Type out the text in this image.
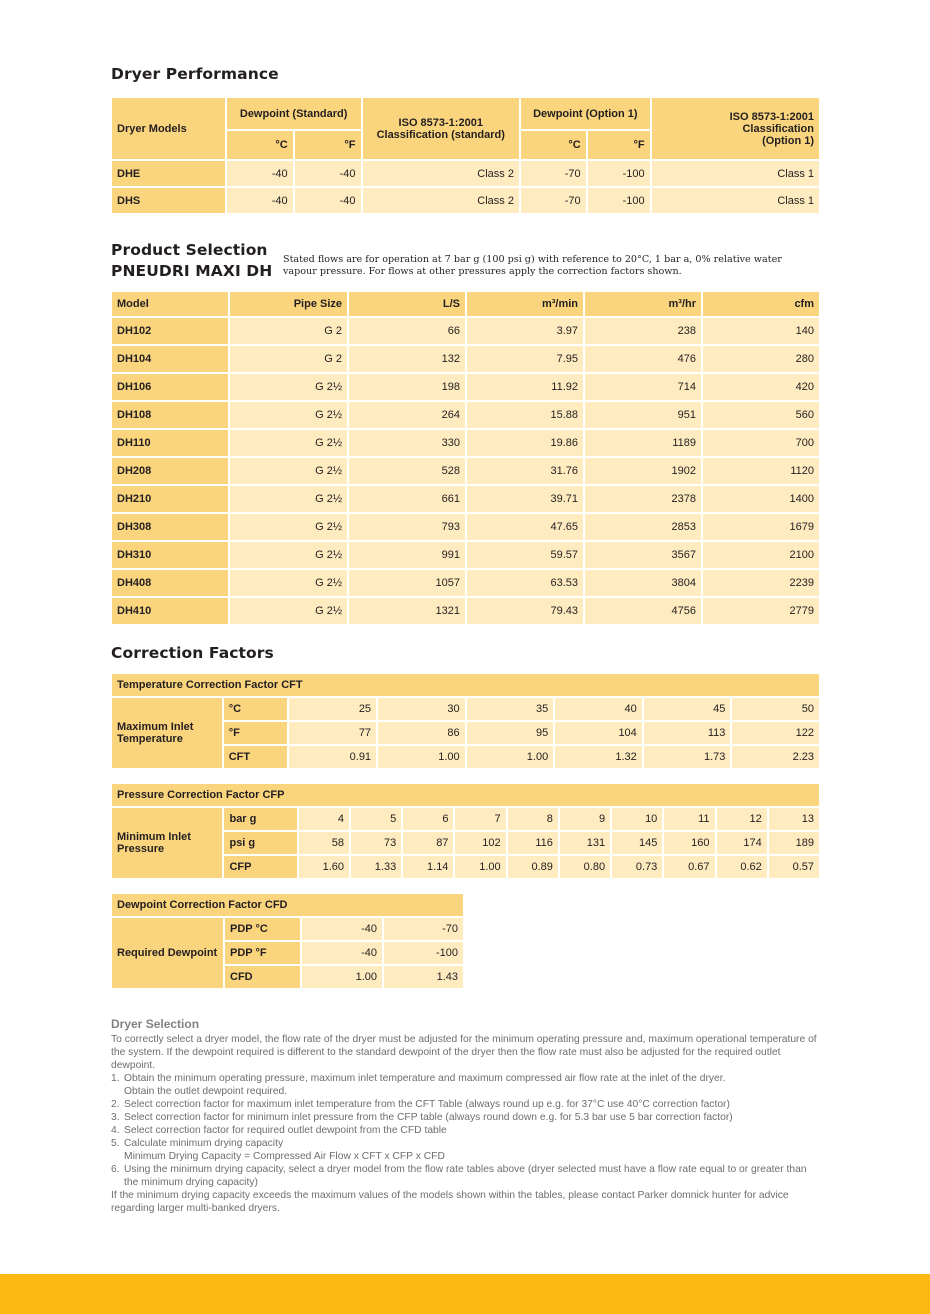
Dryer Performance
Dryer Models	Dewpoint (Standard)		ISO 8573-1:2001 Classification (standard)	Dewpoint (Option 1)		ISO 8573-1:2001 Classification (Option 1)
	°C	°F		°C	°F	
DHE	-40	-40	Class 2	-70	-100	Class 1
DHS	-40	-40	Class 2	-70	-100	Class 1
Product Selection
PNEUDRI MAXI DH
Stated flows are for operation at 7 bar g (100 psi g) with reference to 20°C, 1 bar a, 0% relative water vapour pressure. For flows at other pressures apply the correction factors shown.
Model	Pipe Size	L/S	m³/min	m³/hr	cfm
DH102	G 2	66	3.97	238	140
DH104	G 2	132	7.95	476	280
DH106	G 2½	198	11.92	714	420
DH108	G 2½	264	15.88	951	560
DH110	G 2½	330	19.86	1189	700
DH208	G 2½	528	31.76	1902	1120
DH210	G 2½	661	39.71	2378	1400
DH308	G 2½	793	47.65	2853	1679
DH310	G 2½	991	59.57	3567	2100
DH408	G 2½	1057	63.53	3804	2239
DH410	G 2½	1321	79.43	4756	2779
Correction Factors
Temperature Correction Factor CFT							
Maximum Inlet Temperature	°C	25	30	35	40	45	50
	°F	77	86	95	104	113	122
	CFT	0.91	1.00	1.00	1.32	1.73	2.23
Pressure Correction Factor CFP											
Minimum Inlet Pressure	bar g	4	5	6	7	8	9	10	11	12	13
	psi g	58	73	87	102	116	131	145	160	174	189
	CFP	1.60	1.33	1.14	1.00	0.89	0.80	0.73	0.67	0.62	0.57
Dewpoint Correction Factor CFD			
Required Dewpoint	PDP °C	-40	-70
	PDP °F	-40	-100
	CFD	1.00	1.43
Dryer Selection

To correctly select a dryer model, the flow rate of the dryer must be adjusted for the minimum operating pressure and, maximum operational temperature of the system. If the dewpoint required is different to the standard dewpoint of the dryer then the flow rate must also be adjusted for the required outlet dewpoint.

1. Obtain the minimum operating pressure, maximum inlet temperature and maximum compressed air flow rate at the inlet of the dryer.
Obtain the outlet dewpoint required.
2. Select correction factor for maximum inlet temperature from the CFT Table (always round up e.g. for 37°C use 40°C correction factor)
3. Select correction factor for minimum inlet pressure from the CFP table (always round down e.g. for 5.3 bar use 5 bar correction factor)
4. Select correction factor for required outlet dewpoint from the CFD table
5. Calculate minimum drying capacity
Minimum Drying Capacity = Compressed Air Flow x CFT x CFP x CFD
6. Using the minimum drying capacity, select a dryer model from the flow rate tables above (dryer selected must have a flow rate equal to or greater than the minimum drying capacity)

If the minimum drying capacity exceeds the maximum values of the models shown within the tables, please contact Parker domnick hunter for advice regarding larger multi-banked dryers.
